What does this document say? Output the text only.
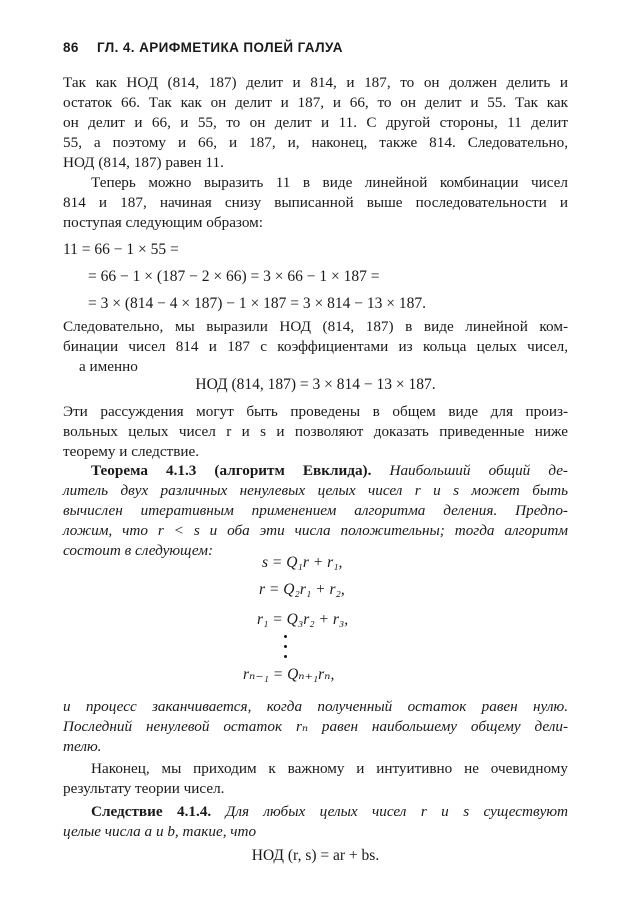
86 ГЛ. 4. АРИФМЕТИКА ПОЛЕЙ ГАЛУА
Так как НОД (814, 187) делит и 814, и 187, то он должен делить и
остаток 66. Так как он делит и 187, и 66, то он делит и 55. Так как
он делит и 66, и 55, то он делит и 11. С другой стороны, 11 делит
55, а поэтому и 66, и 187, и, наконец, также 814. Следовательно,
НОД (814, 187) равен 11.
Теперь можно выразить 11 в виде линейной комбинации чисел
814 и 187, начиная снизу выписанной выше последовательности и
поступая следующим образом:
11 = 66 − 1 × 55 =
= 66 − 1 × (187 − 2 × 66) = 3 × 66 − 1 × 187 =
= 3 × (814 − 4 × 187) − 1 × 187 = 3 × 814 − 13 × 187.
Следовательно, мы выразили НОД (814, 187) в виде линейной ком-
бинации чисел 814 и 187 с коэффициентами из кольца целых чисел,
а именно
НОД (814, 187) = 3 × 814 − 13 × 187.
Эти рассуждения могут быть проведены в общем виде для произ-
вольных целых чисел r и s и позволяют доказать приведенные ниже
теорему и следствие.
Теорема 4.1.3 (алгоритм Евклида). Наибольший общий де-
литель двух различных ненулевых целых чисел r и s может быть
вычислен итеративным применением алгоритма деления. Предпо-
ложим, что r < s и оба эти числа положительны; тогда алгоритм
состоит в следующем:
s = Q₁r + r₁,
r = Q₂r₁ + r₂,
r₁ = Q₃r₂ + r₃,
rₙ₋₁ = Qₙ₊₁rₙ,
и процесс заканчивается, когда полученный остаток равен нулю.
Последний ненулевой остаток rₙ равен наибольшему общему дели-
телю.
Наконец, мы приходим к важному и интуитивно не очевидному
результату теории чисел.
Следствие 4.1.4. Для любых целых чисел r и s существуют
целые числа a и b, такие, что
НОД (r, s) = ar + bs.
